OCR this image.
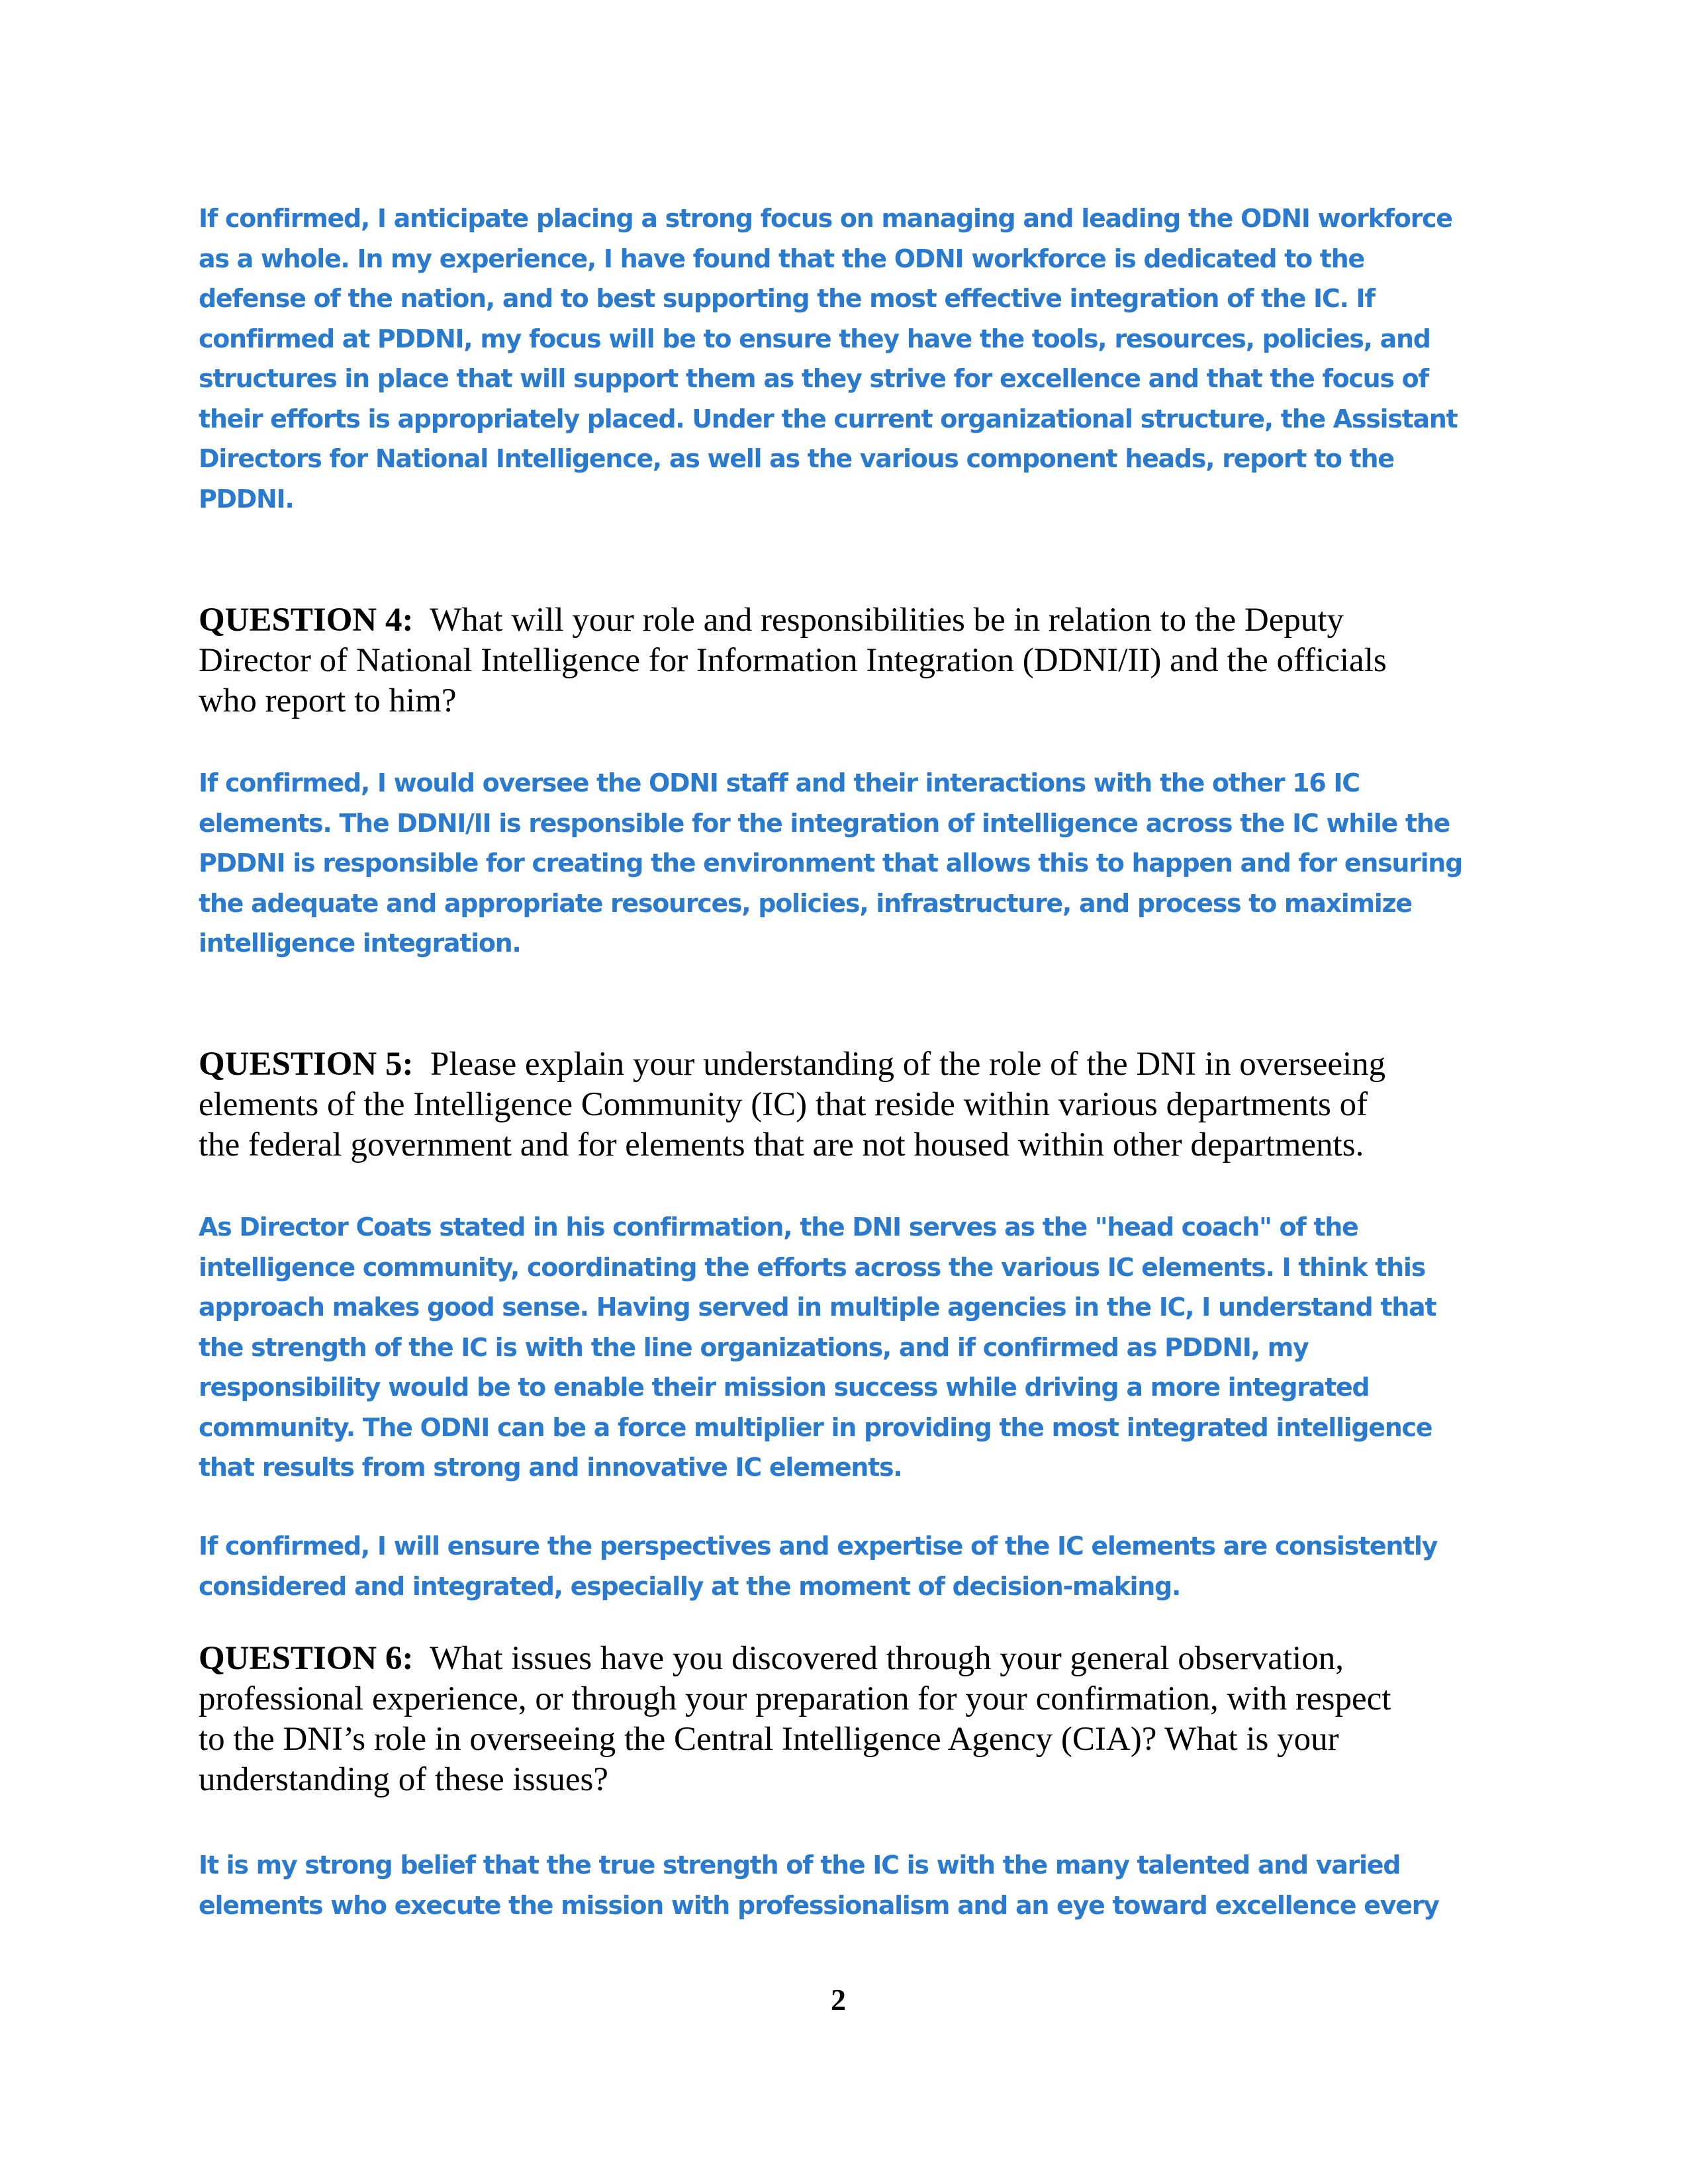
If confirmed, I anticipate placing a strong focus on managing and leading the ODNI workforce
as a whole. In my experience, I have found that the ODNI workforce is dedicated to the
defense of the nation, and to best supporting the most effective integration of the IC. If
confirmed at PDDNI, my focus will be to ensure they have the tools, resources, policies, and
structures in place that will support them as they strive for excellence and that the focus of
their efforts is appropriately placed. Under the current organizational structure, the Assistant
Directors for National Intelligence, as well as the various component heads, report to the
PDDNI.
QUESTION 4: What will your role and responsibilities be in relation to the Deputy
Director of National Intelligence for Information Integration (DDNI/II) and the officials
who report to him?
If confirmed, I would oversee the ODNI staff and their interactions with the other 16 IC
elements. The DDNI/II is responsible for the integration of intelligence across the IC while the
PDDNI is responsible for creating the environment that allows this to happen and for ensuring
the adequate and appropriate resources, policies, infrastructure, and process to maximize
intelligence integration.
QUESTION 5: Please explain your understanding of the role of the DNI in overseeing
elements of the Intelligence Community (IC) that reside within various departments of
the federal government and for elements that are not housed within other departments.
As Director Coats stated in his confirmation, the DNI serves as the "head coach" of the
intelligence community, coordinating the efforts across the various IC elements. I think this
approach makes good sense. Having served in multiple agencies in the IC, I understand that
the strength of the IC is with the line organizations, and if confirmed as PDDNI, my
responsibility would be to enable their mission success while driving a more integrated
community. The ODNI can be a force multiplier in providing the most integrated intelligence
that results from strong and innovative IC elements.
If confirmed, I will ensure the perspectives and expertise of the IC elements are consistently
considered and integrated, especially at the moment of decision-making.
QUESTION 6: What issues have you discovered through your general observation,
professional experience, or through your preparation for your confirmation, with respect
to the DNI’s role in overseeing the Central Intelligence Agency (CIA)? What is your
understanding of these issues?
It is my strong belief that the true strength of the IC is with the many talented and varied
elements who execute the mission with professionalism and an eye toward excellence every
2
